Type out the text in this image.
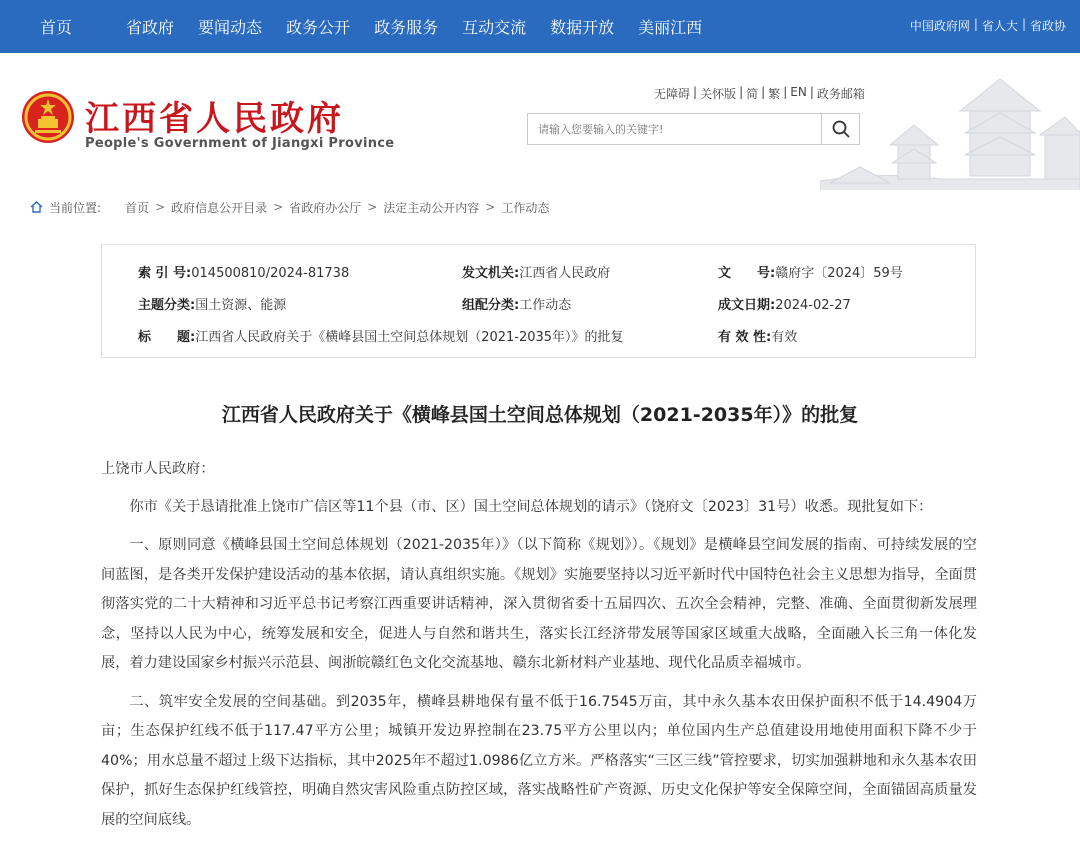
首页	省政府	要闻动态	政务公开	政务服务	互动交流	数据开放	美丽江西	中国政府网 | 省人大 | 省政协
江西省人民政府
People's Government of Jiangxi Province
无障碍 | 关怀版 | 简 | 繁 | EN | 政务邮箱
请输入您要输入的关键字!
当前位置: 首页 > 政府信息公开目录 > 省政府办公厅 > 法定主动公开内容 > 工作动态
索 引 号:014500810/2024-81738	发文机关:江西省人民政府	文　　号:赣府字〔2024〕59号
主题分类:国土资源、能源	组配分类:工作动态	成文日期:2024-02-27
标　　题:江西省人民政府关于《横峰县国土空间总体规划（2021-2035年）》的批复	有 效 性:有效
江西省人民政府关于《横峰县国土空间总体规划（2021-2035年）》的批复

上饶市人民政府：

你市《关于恳请批准上饶市广信区等11个县（市、区）国土空间总体规划的请示》（饶府文〔2023〕31号）收悉。现批复如下：

一、原则同意《横峰县国土空间总体规划（2021-2035年）》（以下简称《规划》）。《规划》是横峰县空间发展的指南、可持续发展的空间蓝图，是各类开发保护建设活动的基本依据，请认真组织实施。《规划》实施要坚持以习近平新时代中国特色社会主义思想为指导，全面贯彻落实党的二十大精神和习近平总书记考察江西重要讲话精神，深入贯彻省委十五届四次、五次全会精神，完整、准确、全面贯彻新发展理念，坚持以人民为中心，统筹发展和安全，促进人与自然和谐共生，落实长江经济带发展等国家区域重大战略，全面融入长三角一体化发展，着力建设国家乡村振兴示范县、闽浙皖赣红色文化交流基地、赣东北新材料产业基地、现代化品质幸福城市。

二、筑牢安全发展的空间基础。到2035年，横峰县耕地保有量不低于16.7545万亩，其中永久基本农田保护面积不低于14.4904万亩；生态保护红线不低于117.47平方公里；城镇开发边界控制在23.75平方公里以内；单位国内生产总值建设用地使用面积下降不少于40%；用水总量不超过上级下达指标，其中2025年不超过1.0986亿立方米。严格落实“三区三线”管控要求，切实加强耕地和永久基本农田保护，抓好生态保护红线管控，明确自然灾害风险重点防控区域，落实战略性矿产资源、历史文化保护等安全保障空间，全面锚固高质量发展的空间底线。
